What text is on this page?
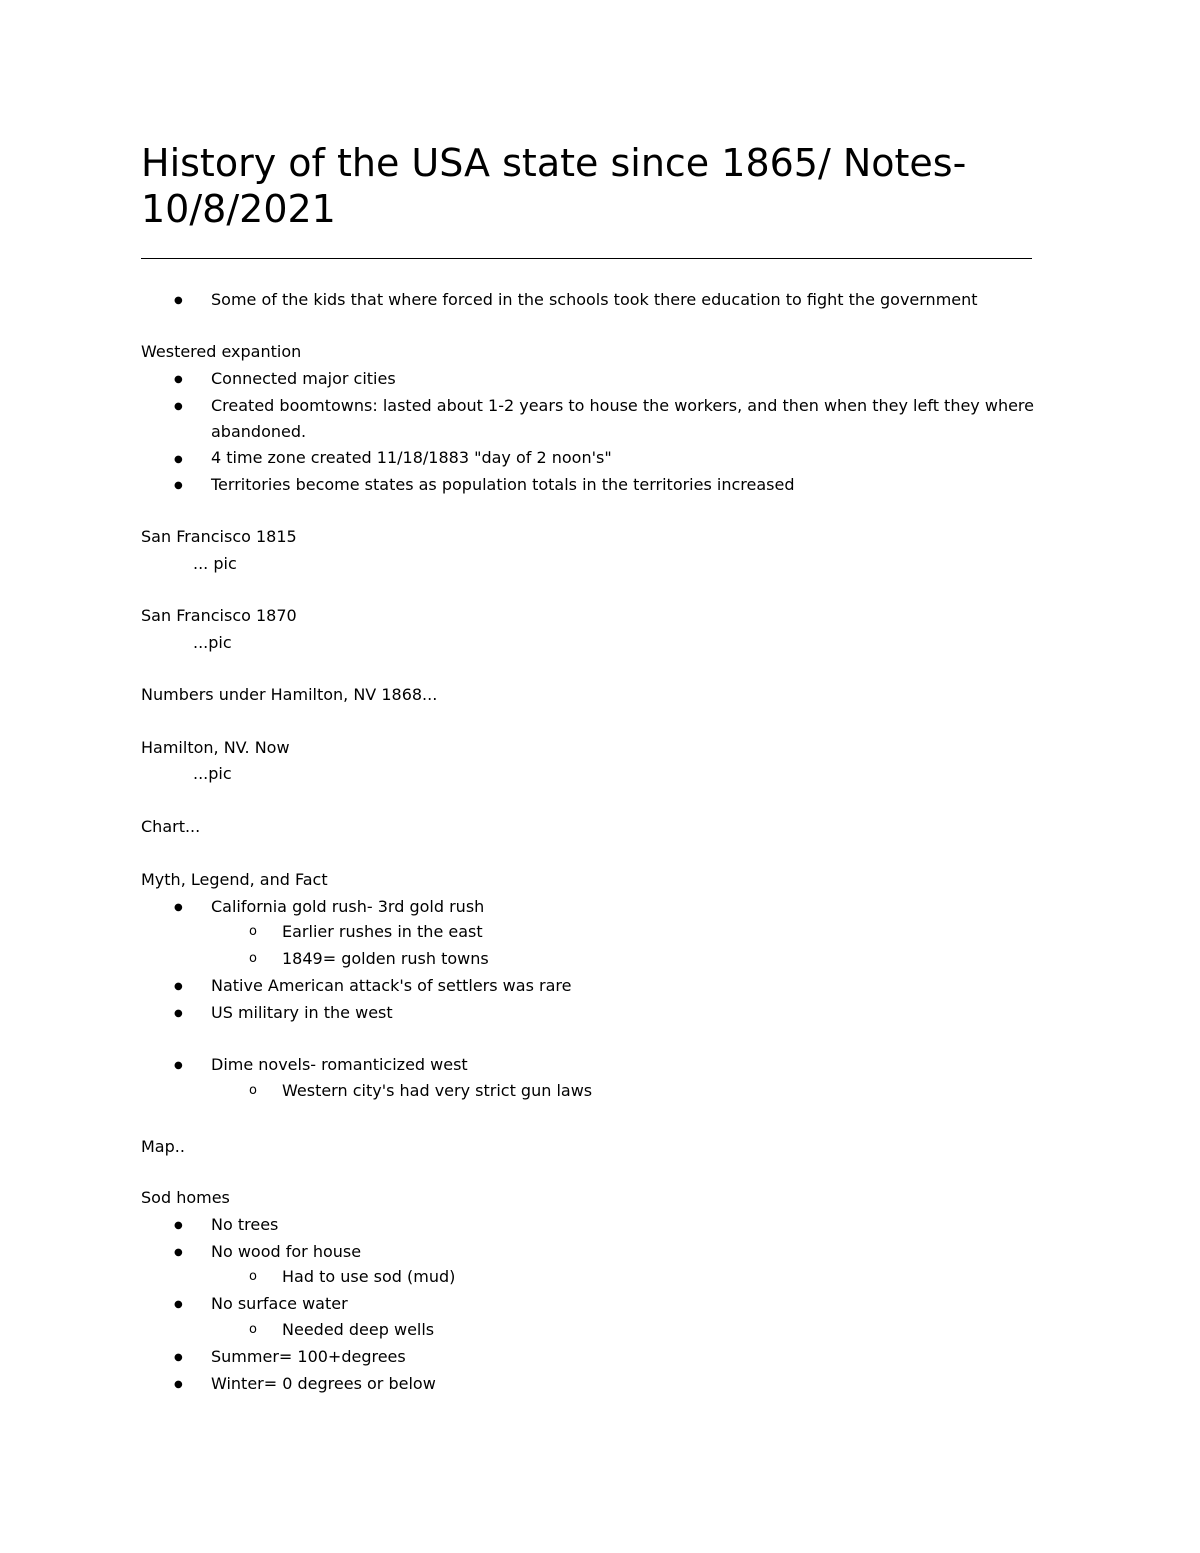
History of the USA state since 1865/ Notes-10/8/2021
●
Some of the kids that where forced in the schools took there education to fight the government
Westered expantion
●
Connected major cities
●
Created boomtowns: lasted about 1-2 years to house the workers, and then when they left they where abandoned.
●
4 time zone created 11/18/1883 "day of 2 noon's"
●
Territories become states as population totals in the territories increased
San Francisco 1815
... pic
San Francisco 1870
...pic
Numbers under Hamilton, NV 1868...
Hamilton, NV. Now
...pic
Chart...
Myth, Legend, and Fact
●
California gold rush- 3rd gold rush
o
Earlier rushes in the east
o
1849= golden rush towns
●
Native American attack's of settlers was rare
●
US military in the west
●
Dime novels- romanticized west
o
Western city's had very strict gun laws
Map..
Sod homes
●
No trees
●
No wood for house
o
Had to use sod (mud)
●
No surface water
o
Needed deep wells
●
Summer= 100+degrees
●
Winter= 0 degrees or below
